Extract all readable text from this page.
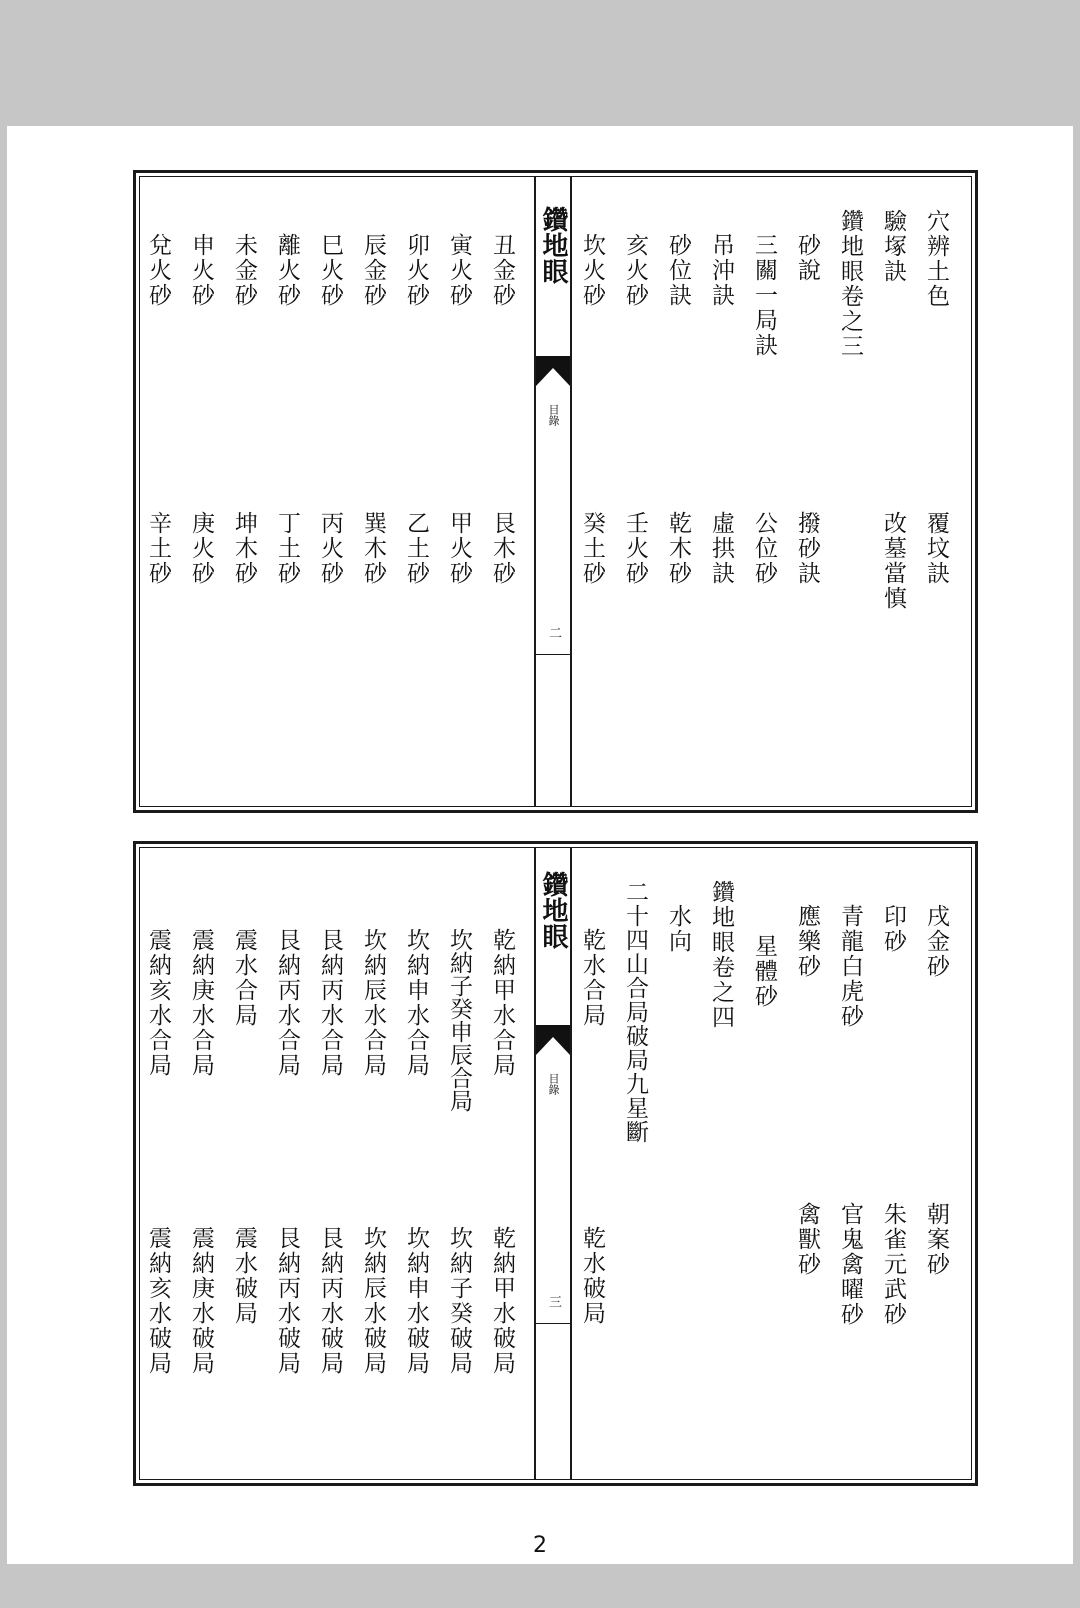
鑽地眼
目錄
二
穴辨土色
覆坟訣
驗塚訣
改墓當慎
鑽地眼卷之三
砂說
撥砂訣
三關一局訣
公位砂
吊沖訣
虛拱訣
砂位訣
乾木砂
亥火砂
壬火砂
坎火砂
癸土砂
丑金砂
艮木砂
寅火砂
甲火砂
卯火砂
乙土砂
辰金砂
巽木砂
巳火砂
丙火砂
離火砂
丁土砂
未金砂
坤木砂
申火砂
庚火砂
兌火砂
辛土砂
鑽地眼
目錄
三
戌金砂
朝案砂
印砂
朱雀元武砂
青龍白虎砂
官鬼禽曜砂
應樂砂
禽獸砂
星體砂
鑽地眼卷之四
水向
二十四山合局破局九星斷
乾水合局
乾水破局
乾納甲水合局
乾納甲水破局
坎納子癸申辰合局
坎納子癸破局
坎納申水合局
坎納申水破局
坎納辰水合局
坎納辰水破局
艮納丙水合局
艮納丙水破局
艮納丙水合局
艮納丙水破局
震水合局
震水破局
震納庚水合局
震納庚水破局
震納亥水合局
震納亥水破局
2
